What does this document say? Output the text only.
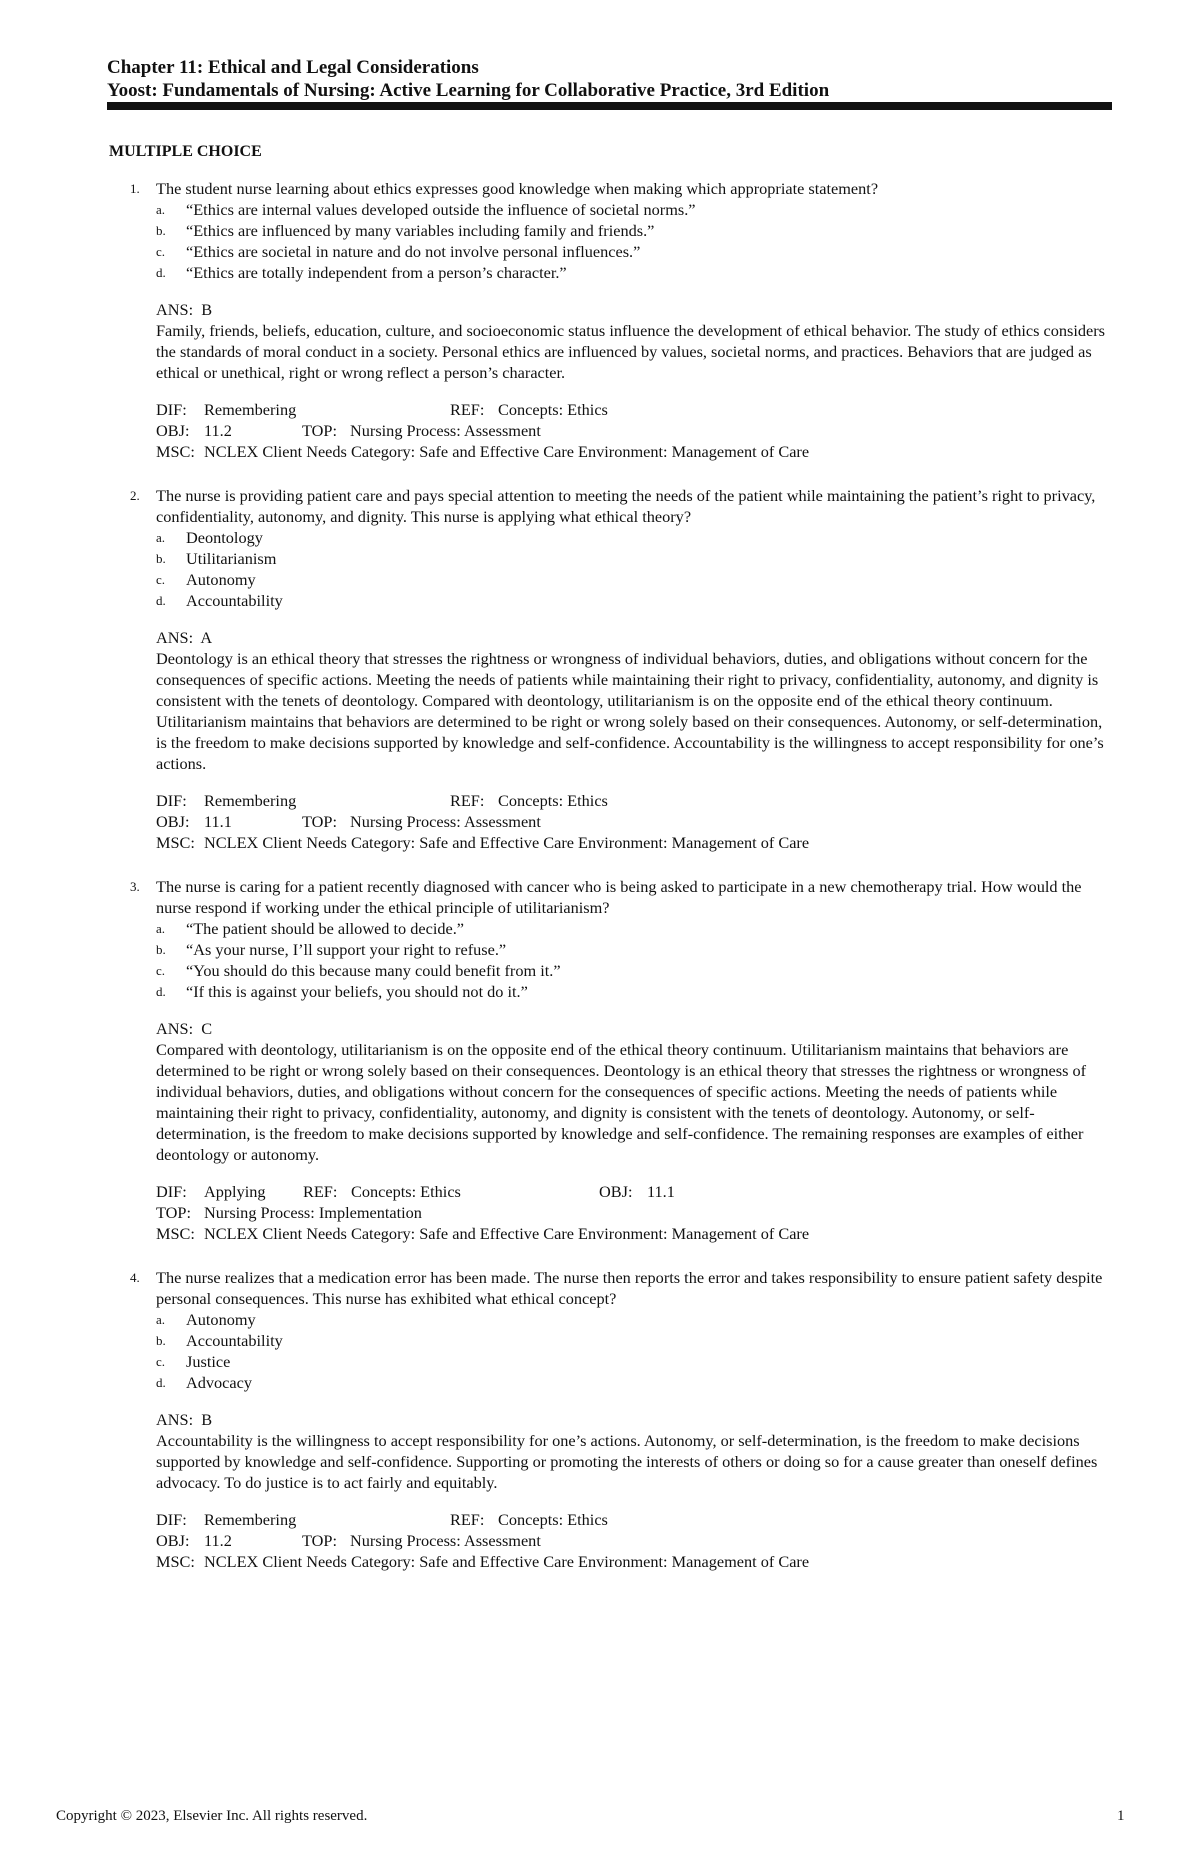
Chapter 11: Ethical and Legal Considerations
Yoost: Fundamentals of Nursing: Active Learning for Collaborative Practice, 3rd Edition
MULTIPLE CHOICE
1. The student nurse learning about ethics expresses good knowledge when making which appropriate statement?

a. “Ethics are internal values developed outside the influence of societal norms.”
b. “Ethics are influenced by many variables including family and friends.”
c. “Ethics are societal in nature and do not involve personal influences.”
d. “Ethics are totally independent from a person’s character.”
ANS: B

Family, friends, beliefs, education, culture, and socioeconomic status influence the development of ethical behavior. The study of ethics considers the standards of moral conduct in a society. Personal ethics are influenced by values, societal norms, and practices. Behaviors that are judged as ethical or unethical, right or wrong reflect a person’s character.

DIF: Remembering	REF: Concepts: Ethics
OBJ: 11.2	TOP: Nursing Process: Assessment
MSC: NCLEX Client Needs Category: Safe and Effective Care Environment: Management of Care
2. The nurse is providing patient care and pays special attention to meeting the needs of the patient while maintaining the patient’s right to privacy, confidentiality, autonomy, and dignity. This nurse is applying what ethical theory?

a. Deontology
b. Utilitarianism
c. Autonomy
d. Accountability
ANS: A

Deontology is an ethical theory that stresses the rightness or wrongness of individual behaviors, duties, and obligations without concern for the consequences of specific actions. Meeting the needs of patients while maintaining their right to privacy, confidentiality, autonomy, and dignity is consistent with the tenets of deontology. Compared with deontology, utilitarianism is on the opposite end of the ethical theory continuum. Utilitarianism maintains that behaviors are determined to be right or wrong solely based on their consequences. Autonomy, or self-determination, is the freedom to make decisions supported by knowledge and self-confidence. Accountability is the willingness to accept responsibility for one’s actions.

DIF: Remembering	REF: Concepts: Ethics
OBJ: 11.1	TOP: Nursing Process: Assessment
MSC: NCLEX Client Needs Category: Safe and Effective Care Environment: Management of Care
3. The nurse is caring for a patient recently diagnosed with cancer who is being asked to participate in a new chemotherapy trial. How would the nurse respond if working under the ethical principle of utilitarianism?

a. “The patient should be allowed to decide.”
b. “As your nurse, I’ll support your right to refuse.”
c. “You should do this because many could benefit from it.”
d. “If this is against your beliefs, you should not do it.”
ANS: C

Compared with deontology, utilitarianism is on the opposite end of the ethical theory continuum. Utilitarianism maintains that behaviors are determined to be right or wrong solely based on their consequences. Deontology is an ethical theory that stresses the rightness or wrongness of individual behaviors, duties, and obligations without concern for the consequences of specific actions. Meeting the needs of patients while maintaining their right to privacy, confidentiality, autonomy, and dignity is consistent with the tenets of deontology. Autonomy, or self-determination, is the freedom to make decisions supported by knowledge and self-confidence. The remaining responses are examples of either deontology or autonomy.

DIF: Applying REF: Concepts: Ethics	OBJ: 11.1
TOP: Nursing Process: Implementation
MSC: NCLEX Client Needs Category: Safe and Effective Care Environment: Management of Care
4. The nurse realizes that a medication error has been made. The nurse then reports the error and takes responsibility to ensure patient safety despite personal consequences. This nurse has exhibited what ethical concept?

a. Autonomy
b. Accountability
c. Justice
d. Advocacy
ANS: B

Accountability is the willingness to accept responsibility for one’s actions. Autonomy, or self-determination, is the freedom to make decisions supported by knowledge and self-confidence. Supporting or promoting the interests of others or doing so for a cause greater than oneself defines advocacy. To do justice is to act fairly and equitably.

DIF: Remembering	REF: Concepts: Ethics
OBJ: 11.2	TOP: Nursing Process: Assessment
MSC: NCLEX Client Needs Category: Safe and Effective Care Environment: Management of Care
Copyright © 2023, Elsevier Inc. All rights reserved.	1
